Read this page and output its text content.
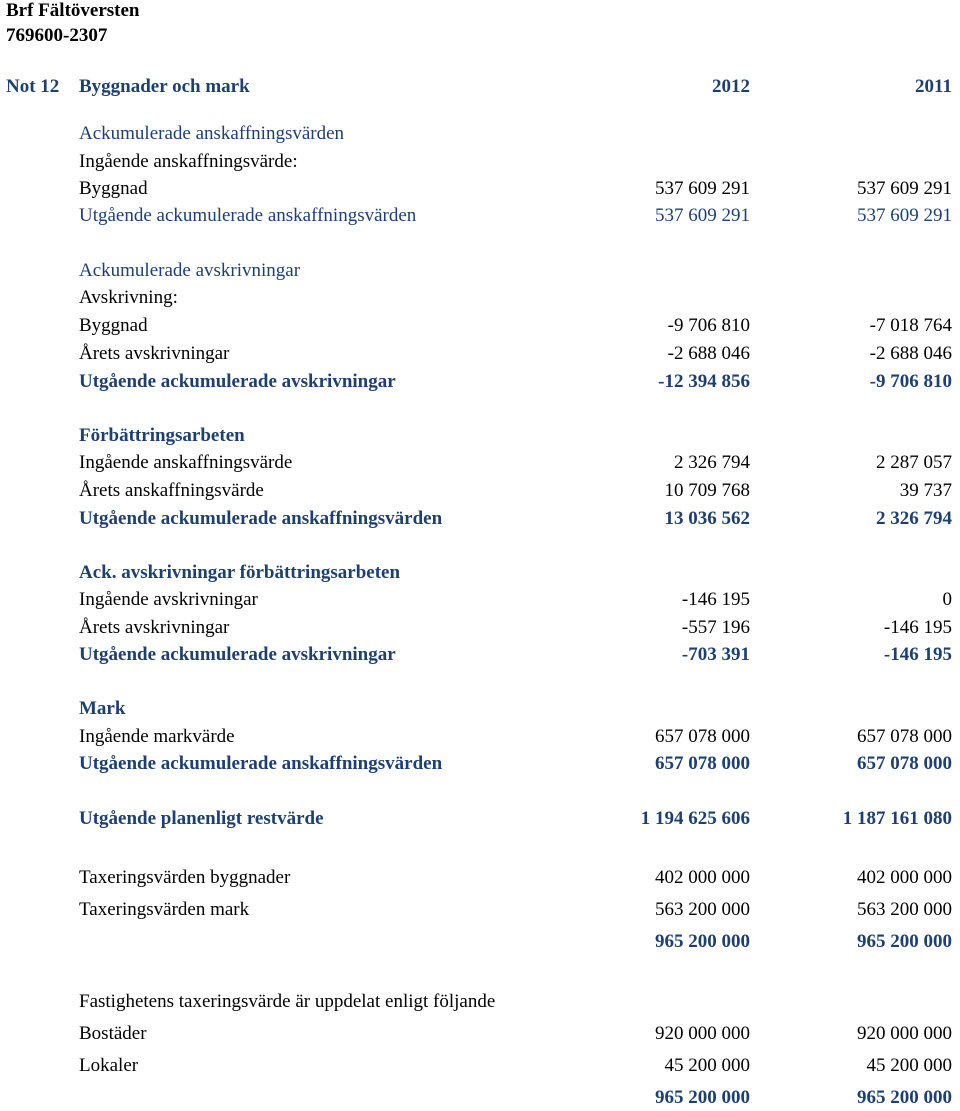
Brf Fältöversten
769600-2307
Not 12 Byggnader och mark	2012	2011
Ackumulerade anskaffningsvärden
Ingående anskaffningsvärde:
Byggnad	537 609 291	537 609 291
Utgående ackumulerade anskaffningsvärden	537 609 291	537 609 291
Ackumulerade avskrivningar
Avskrivning:
Byggnad	-9 706 810	-7 018 764
Årets avskrivningar	-2 688 046	-2 688 046
Utgående ackumulerade avskrivningar	-12 394 856	-9 706 810
Förbättringsarbeten
Ingående anskaffningsvärde	2 326 794	2 287 057
Årets anskaffningsvärde	10 709 768	39 737
Utgående ackumulerade anskaffningsvärden	13 036 562	2 326 794
Ack. avskrivningar förbättringsarbeten
Ingående avskrivningar	-146 195	0
Årets avskrivningar	-557 196	-146 195
Utgående ackumulerade avskrivningar	-703 391	-146 195
Mark
Ingående markvärde	657 078 000	657 078 000
Utgående ackumulerade anskaffningsvärden	657 078 000	657 078 000
Utgående planenligt restvärde	1 194 625 606	1 187 161 080
Taxeringsvärden byggnader	402 000 000	402 000 000
Taxeringsvärden mark	563 200 000	563 200 000
965 200 000	965 200 000
Fastighetens taxeringsvärde är uppdelat enligt följande
Bostäder	920 000 000	920 000 000
Lokaler	45 200 000	45 200 000
965 200 000	965 200 000
